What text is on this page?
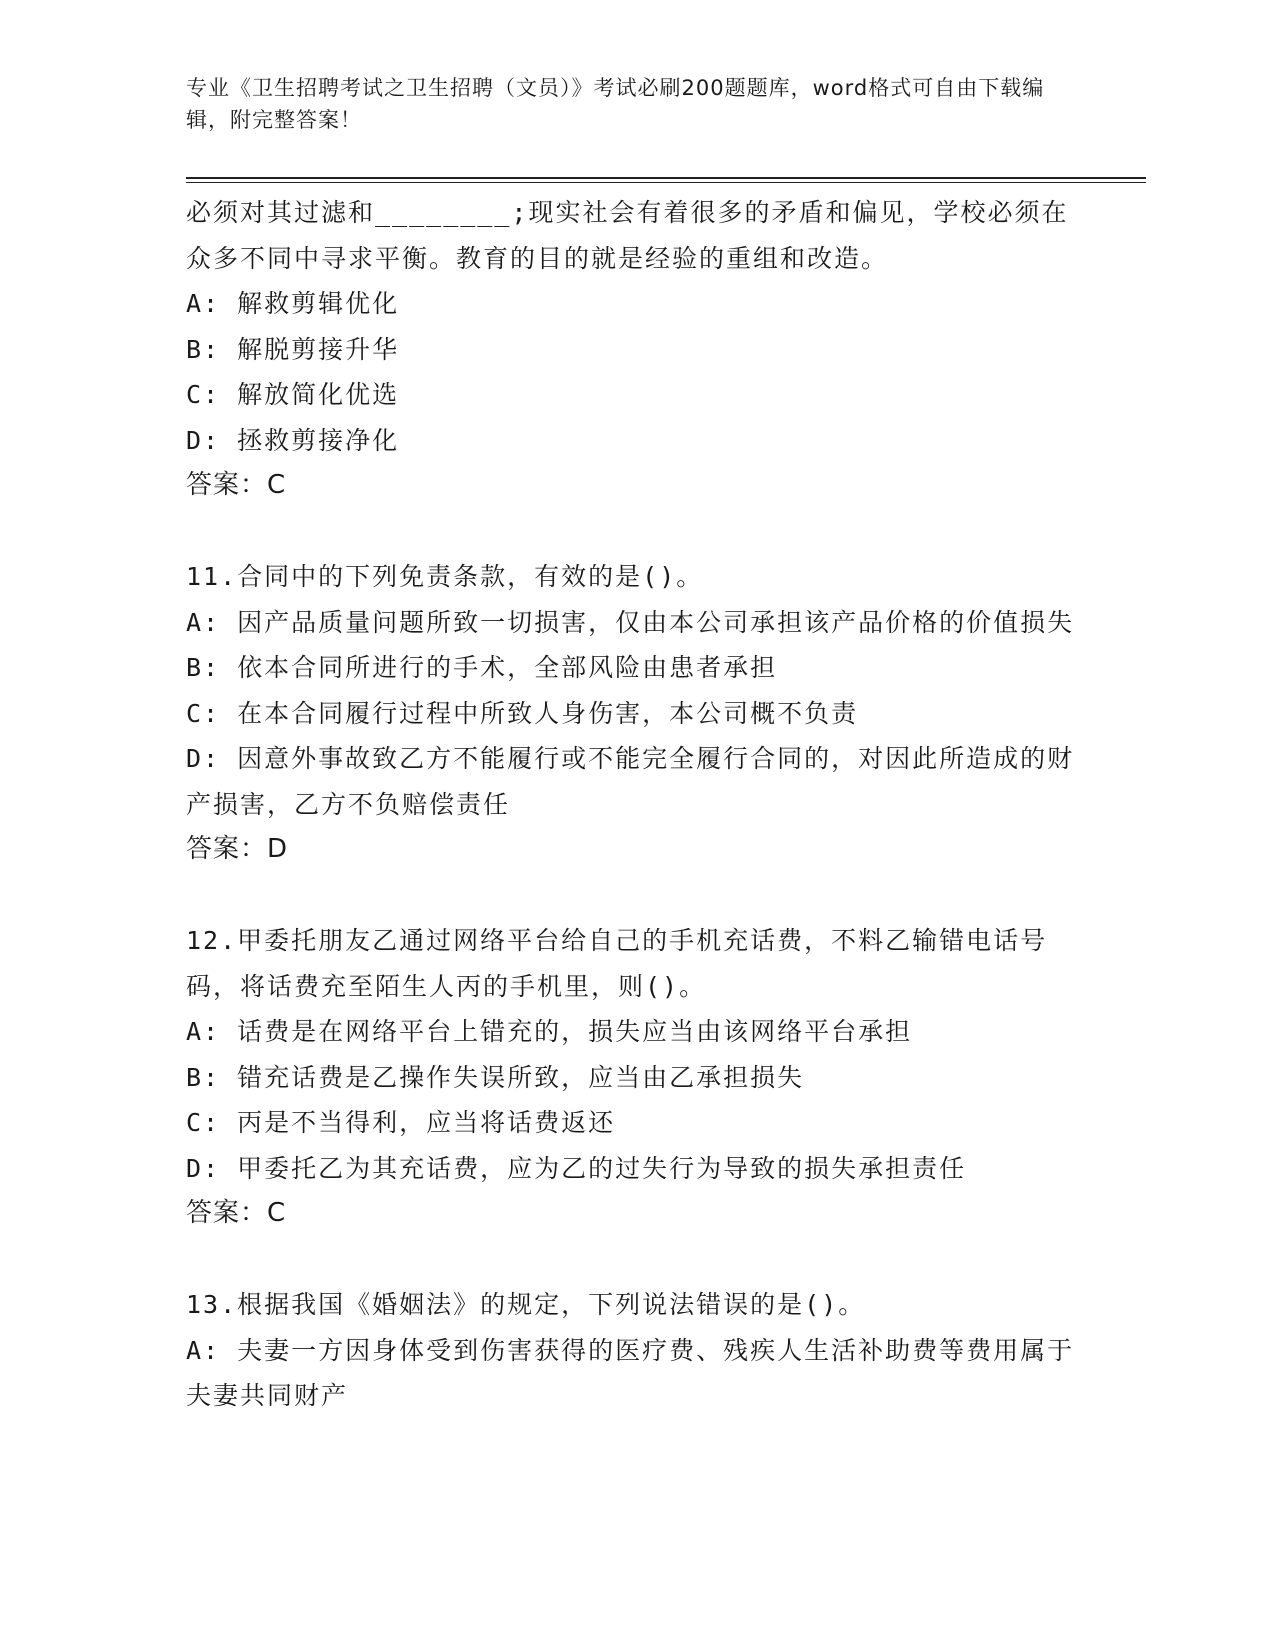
专业《卫生招聘考试之卫生招聘（文员）》考试必刷200题题库，word格式可自由下载编辑，附完整答案！
必须对其过滤和________;现实社会有着很多的矛盾和偏见，学校必须在众多不同中寻求平衡。教育的目的就是经验的重组和改造。
A: 解救剪辑优化
B: 解脱剪接升华
C: 解放简化优选
D: 拯救剪接净化
答案：C
11.合同中的下列免责条款，有效的是()。
A: 因产品质量问题所致一切损害，仅由本公司承担该产品价格的价值损失
B: 依本合同所进行的手术，全部风险由患者承担
C: 在本合同履行过程中所致人身伤害，本公司概不负责
D: 因意外事故致乙方不能履行或不能完全履行合同的，对因此所造成的财产损害，乙方不负赔偿责任
答案：D
12.甲委托朋友乙通过网络平台给自己的手机充话费，不料乙输错电话号码，将话费充至陌生人丙的手机里，则()。
A: 话费是在网络平台上错充的，损失应当由该网络平台承担
B: 错充话费是乙操作失误所致，应当由乙承担损失
C: 丙是不当得利，应当将话费返还
D: 甲委托乙为其充话费，应为乙的过失行为导致的损失承担责任
答案：C
13.根据我国《婚姻法》的规定，下列说法错误的是()。
A: 夫妻一方因身体受到伤害获得的医疗费、残疾人生活补助费等费用属于夫妻共同财产
